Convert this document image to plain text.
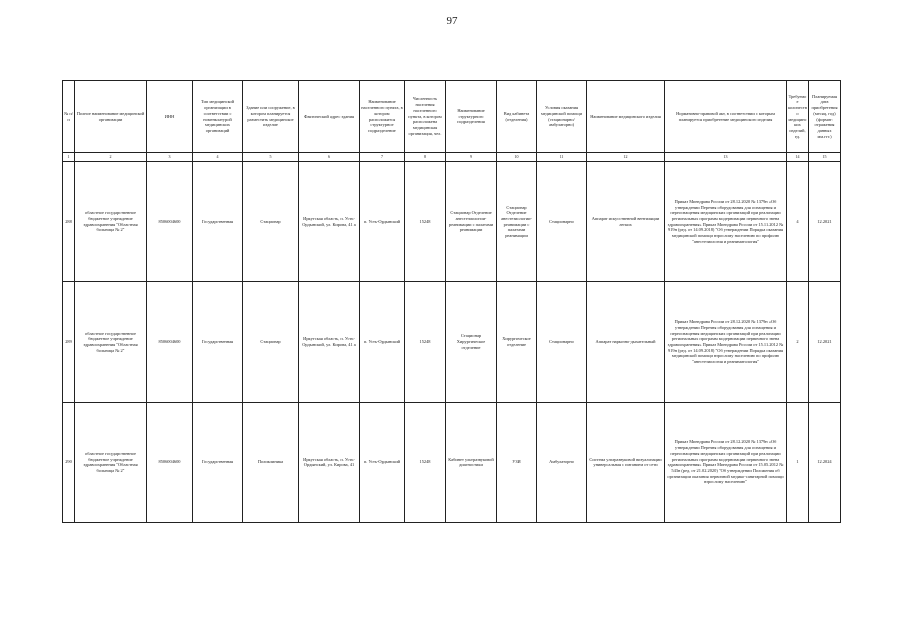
97
№ п/п	Полное наименование медицинской организации	ИНН	Тип медицинской организации в соответствии с номенклатурой медицинских организаций	Здание или сооружение, в котором планируется разместить медицинское изделие	Фактический адрес здания	Наименование населенного пункта, в котором расположится структурное подразделение	Численность населения населенного пункта, в котором расположена медицинская организация, чел.	Наименование структурного подразделения	Вид кабинета (отделения)	Условия оказания медицинской помощи (стационарно/амбулаторно)	Наименование медицинского изделия	Нормативно-правовой акт, в соответствии с которым планируется приобретение медицинского изделия	Требуемое количество медицинских изделий, ед.	Планируемая дата приобретения (месяц, год) (формат: отражения данных мм.ггг.)
1	2	3	4	5	6	7	8	9	10	11	12	13	14	15
288	областное государственное бюджетное учреждение здравоохранения "Областная больница № 2"	8506004600	Государственная	Стационар	Иркутская область, п. Усть-Ордынский, ул. Кирова, 41 а	п. Усть-Ордынский	15248	Стационар Отделение анестезиологии-реанимации с палатами реанимации	Стационар Отделение анестезиологии-реанимации с палатами реанимации	Стационарно	Аппарат искусственной вентиляции легких	Приказ Минздрава России от 28.12.2020 № 1379н «Об утверждении Перечня оборудования для оснащения и переоснащения медицинских организаций при реализации региональных программ модернизации первичного звена здравоохранения» Приказ Минздрава России от 15.11.2012 № 919н (ред. от 14.09.2018) "Об утверждении Порядка оказания медицинской помощи взрослому населению по профилю "анестезиология и реаниматология"	4	12.2021
289	областное государственное бюджетное учреждение здравоохранения "Областная больница № 2"	8506004600	Государственная	Стационар	Иркутская область, п. Усть-Ордынский, ул. Кирова, 41 а	п. Усть-Ордынский	15248	Стационар Хирургическое отделение	Хирургическое отделение	Стационарно	Аппарат наркозно-дыхательный	Приказ Минздрава России от 28.12.2020 № 1379н «Об утверждении Перечня оборудования для оснащения и переоснащения медицинских организаций при реализации региональных программ модернизации первичного звена здравоохранения» Приказ Минздрава России от 15.11.2012 № 919н (ред. от 14.09.2018) "Об утверждении Порядка оказания медицинской помощи взрослому населению по профилю "анестезиология и реаниматология"	2	12.2021
290	областное государственное бюджетное учреждение здравоохранения "Областная больница № 2"	8506004600	Государственная	Поликлиника	Иркутская область, п. Усть-Ордынский, ул. Кирова, 41	п. Усть-Ордынский	15248	Кабинет ультразвуковой диагностики	УЗИ	Амбулаторно	Система ультразвуковой визуализации универсальная с питанием от сети	Приказ Минздрава России от 28.12.2020 № 1379н «Об утверждении Перечня оборудования для оснащения и переоснащения медицинских организаций при реализации региональных программ модернизации первичного звена здравоохранения» Приказ Минздрава России от 15.05.2012 № 543н (ред. от 21.02.2020) "Об утверждении Положения об организации оказания первичной медико-санитарной помощи взрослому населению"	1	12.2024
